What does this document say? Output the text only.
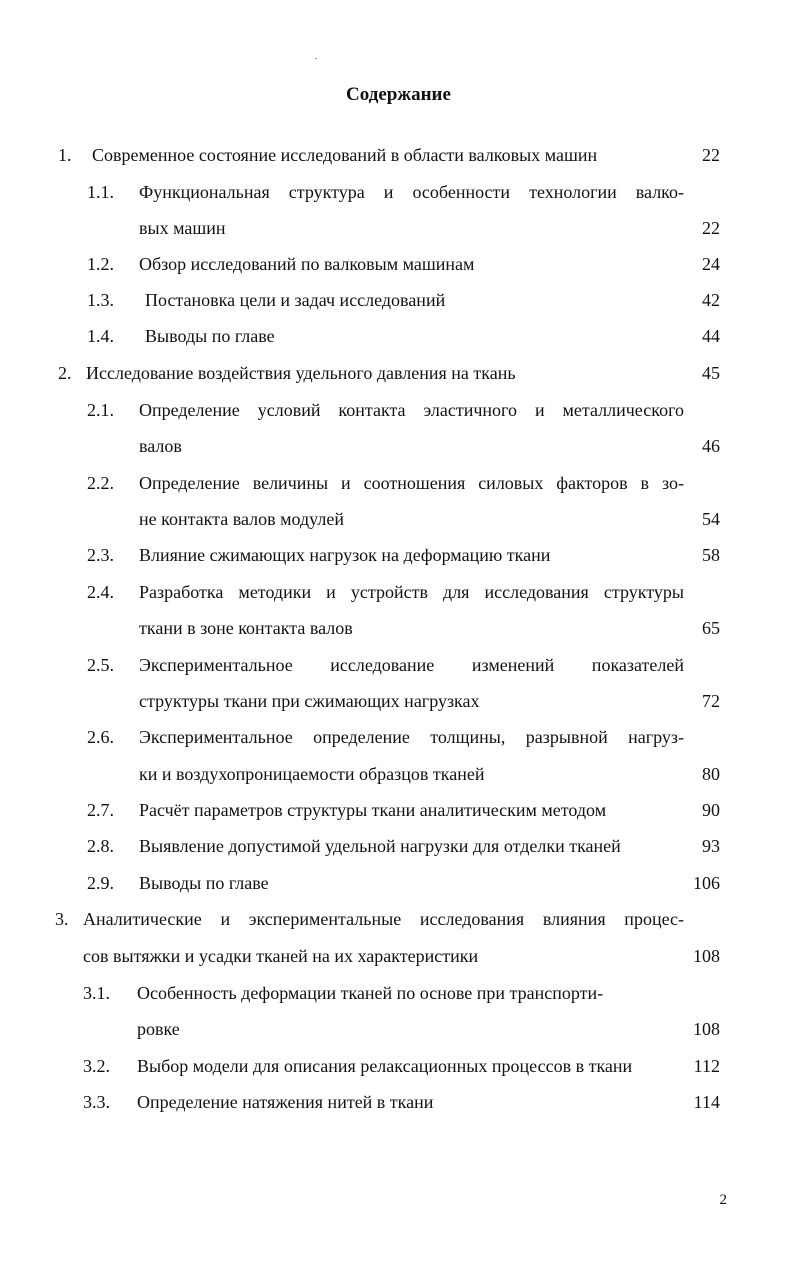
Содержание
1. Современное состояние исследований в области валковых машин	22
1.1. Функциональная структура и особенности технологии валко-
вых машин	22
1.2. Обзор исследований по валковым машинам	24
1.3. Постановка цели и задач исследований	42
1.4. Выводы по главе	44
2. Исследование воздействия удельного давления на ткань	45
2.1. Определение условий контакта эластичного и металлического
валов	46
2.2. Определение величины и соотношения силовых факторов в зо-
не контакта валов модулей	54
2.3. Влияние сжимающих нагрузок на деформацию ткани	58
2.4. Разработка методики и устройств для исследования структуры
ткани в зоне контакта валов	65
2.5. Экспериментальное исследование изменений показателей
структуры ткани при сжимающих нагрузках	72
2.6. Экспериментальное определение толщины, разрывной нагруз-
ки и воздухопроницаемости образцов тканей	80
2.7. Расчёт параметров структуры ткани аналитическим методом	90
2.8. Выявление допустимой удельной нагрузки для отделки тканей	93
2.9. Выводы по главе	106
3. Аналитические и экспериментальные исследования влияния процес-
сов вытяжки и усадки тканей на их характеристики	108
3.1. Особенность деформации тканей по основе при транспорти-
ровке	108
3.2. Выбор модели для описания релаксационных процессов в ткани	112
3.3. Определение натяжения нитей в ткани	114
2
